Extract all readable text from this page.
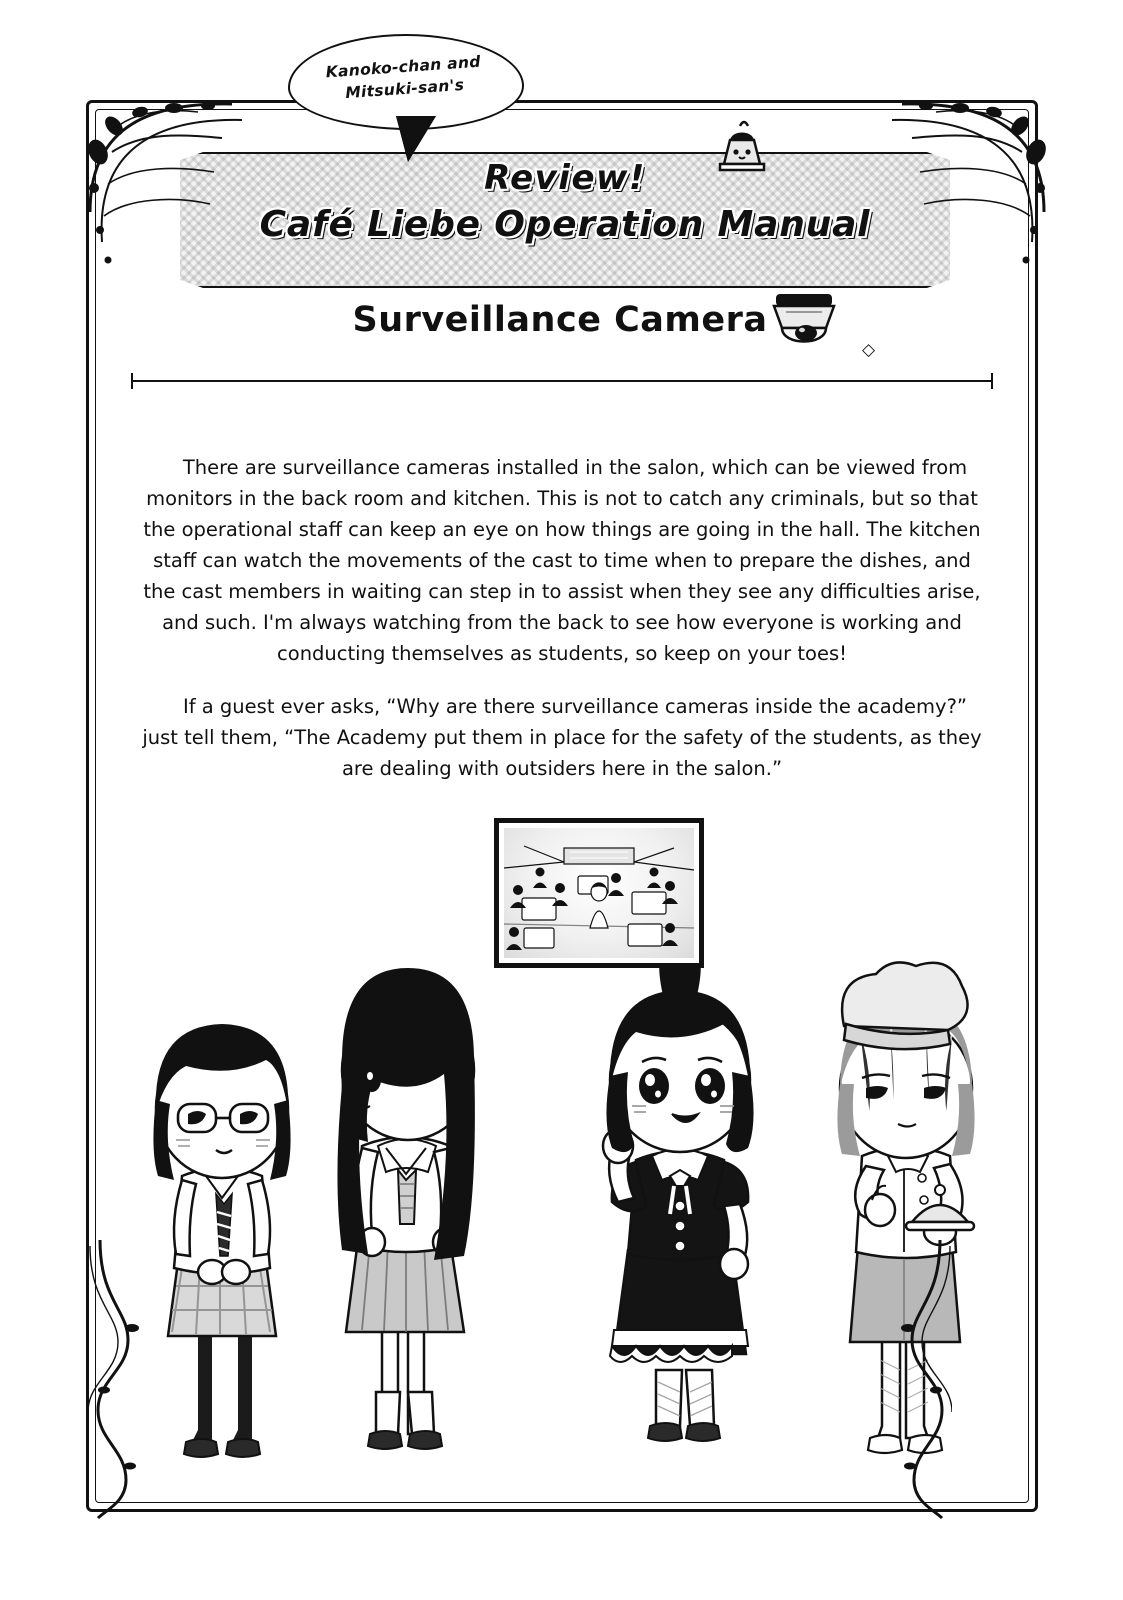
Kanoko-chan and Mitsuki-san's
Review!
Café Liebe Operation Manual
Surveillance Camera
◇

There are surveillance cameras installed in the salon, which can be viewed from monitors in the back room and kitchen. This is not to catch any criminals, but so that the operational staff can keep an eye on how things are going in the hall. The kitchen staff can watch the movements of the cast to time when to prepare the dishes, and the cast members in waiting can step in to assist when they see any difficulties arise, and such. I'm always watching from the back to see how everyone is working and conducting themselves as students, so keep on your toes!

If a guest ever asks, “Why are there surveillance cameras inside the academy?” just tell them, “The Academy put them in place for the safety of the students, as they are dealing with outsiders here in the salon.”
